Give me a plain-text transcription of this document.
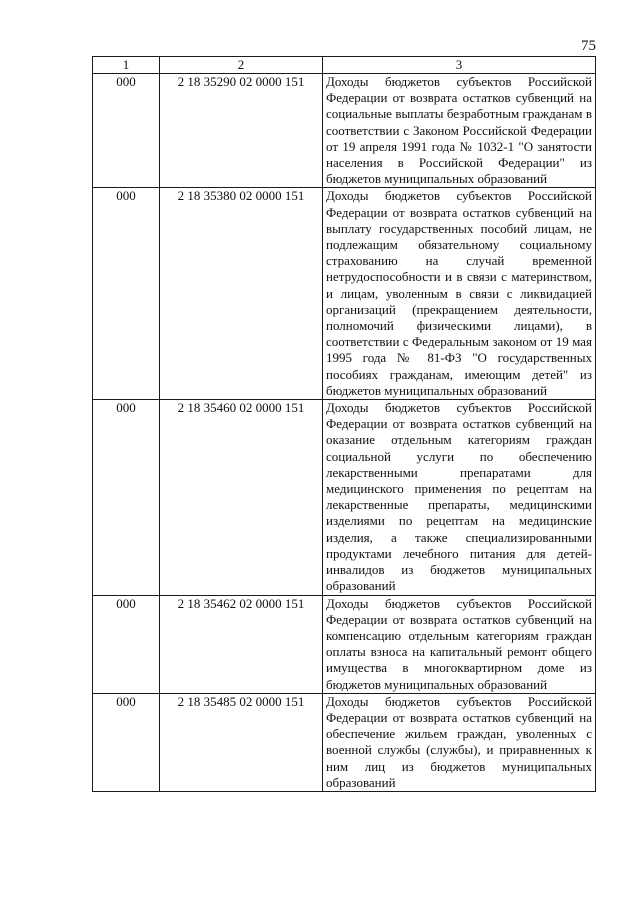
75
1	2	3
000	2 18 35290 02 0000 151	Доходы бюджетов субъектов Российской Федерации от возврата остатков субвенций на социальные выплаты безработным гражданам в соответствии с Законом Российской Федерации от 19 апреля 1991 года № 1032-1 "О занятости населения в Российской Федерации" из бюджетов муниципальных образований
000	2 18 35380 02 0000 151	Доходы бюджетов субъектов Российской Федерации от возврата остатков субвенций на выплату государственных пособий лицам, не подлежащим обязательному социальному страхованию на случай временной нетрудоспособности и в связи с материнством, и лицам, уволенным в связи с ликвидацией организаций (прекращением деятельности, полномочий физическими лицами), в соответствии с Федеральным законом от 19 мая 1995 года № 81-ФЗ "О государственных пособиях гражданам, имеющим детей" из бюджетов муниципальных образований
000	2 18 35460 02 0000 151	Доходы бюджетов субъектов Российской Федерации от возврата остатков субвенций на оказание отдельным категориям граждан социальной услуги по обеспечению лекарственными препаратами для медицинского применения по рецептам на лекарственные препараты, медицинскими изделиями по рецептам на медицинские изделия, а также специализированными продуктами лечебного питания для детей-инвалидов из бюджетов муниципальных образований
000	2 18 35462 02 0000 151	Доходы бюджетов субъектов Российской Федерации от возврата остатков субвенций на компенсацию отдельным категориям граждан оплаты взноса на капитальный ремонт общего имущества в многоквартирном доме из бюджетов муниципальных образований
000	2 18 35485 02 0000 151	Доходы бюджетов субъектов Российской Федерации от возврата остатков субвенций на обеспечение жильем граждан, уволенных с военной службы (службы), и приравненных к ним лиц из бюджетов муниципальных образований
